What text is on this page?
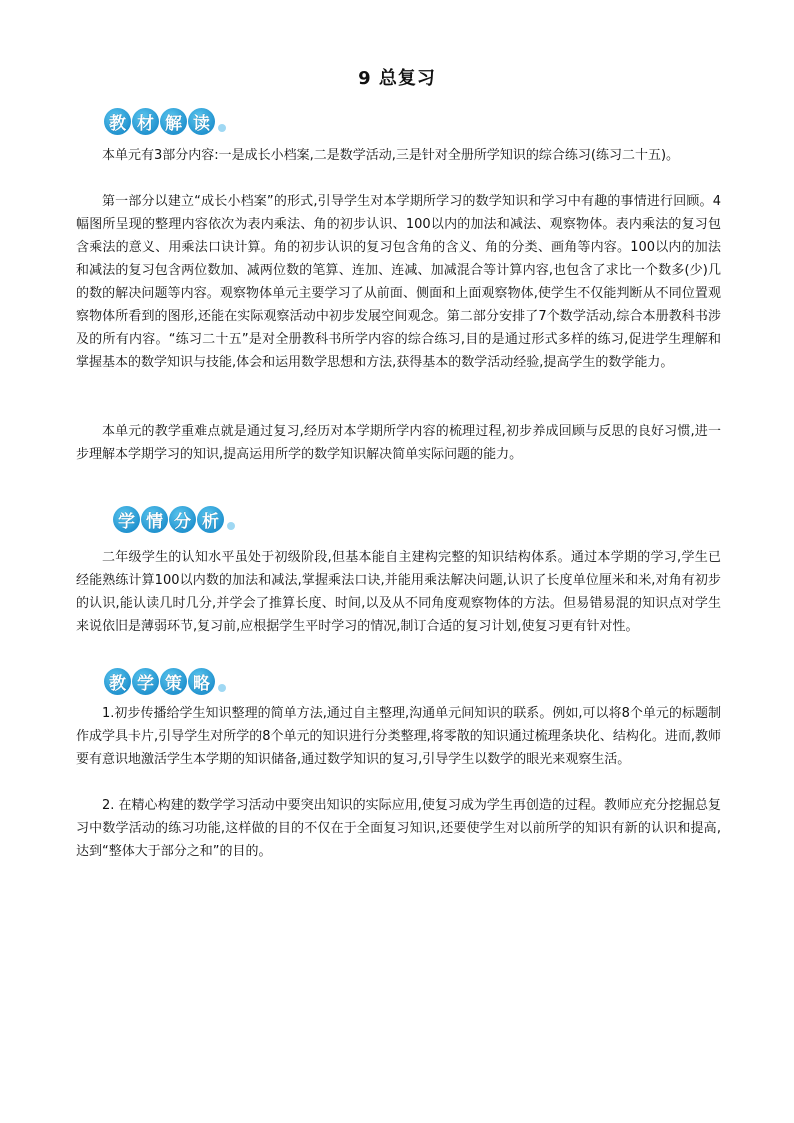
9 总复习
教 材 解 读

本单元有3部分内容:一是成长小档案,二是数学活动,三是针对全册所学知识的综合练习(练习二十五)。

第一部分以建立“成长小档案”的形式,引导学生对本学期所学习的数学知识和学习中有趣的事情进行回顾。4幅图所呈现的整理内容依次为表内乘法、角的初步认识、100以内的加法和减法、观察物体。表内乘法的复习包含乘法的意义、用乘法口诀计算。角的初步认识的复习包含角的含义、角的分类、画角等内容。100以内的加法和减法的复习包含两位数加、减两位数的笔算、连加、连减、加减混合等计算内容,也包含了求比一个数多(少)几的数的解决问题等内容。观察物体单元主要学习了从前面、侧面和上面观察物体,使学生不仅能判断从不同位置观察物体所看到的图形,还能在实际观察活动中初步发展空间观念。第二部分安排了7个数学活动,综合本册教科书涉及的所有内容。“练习二十五”是对全册教科书所学内容的综合练习,目的是通过形式多样的练习,促进学生理解和掌握基本的数学知识与技能,体会和运用数学思想和方法,获得基本的数学活动经验,提高学生的数学能力。

本单元的教学重难点就是通过复习,经历对本学期所学内容的梳理过程,初步养成回顾与反思的良好习惯,进一步理解本学期学习的知识,提高运用所学的数学知识解决简单实际问题的能力。

学 情 分 析

二年级学生的认知水平虽处于初级阶段,但基本能自主建构完整的知识结构体系。通过本学期的学习,学生已经能熟练计算100以内数的加法和减法,掌握乘法口诀,并能用乘法解决问题,认识了长度单位厘米和米,对角有初步的认识,能认读几时几分,并学会了推算长度、时间,以及从不同角度观察物体的方法。但易错易混的知识点对学生来说依旧是薄弱环节,复习前,应根据学生平时学习的情况,制订合适的复习计划,使复习更有针对性。

教 学 策 略

1.初步传播给学生知识整理的简单方法,通过自主整理,沟通单元间知识的联系。例如,可以将8个单元的标题制作成学具卡片,引导学生对所学的8个单元的知识进行分类整理,将零散的知识通过梳理条块化、结构化。进而,教师要有意识地激活学生本学期的知识储备,通过数学知识的复习,引导学生以数学的眼光来观察生活。

2. 在精心构建的数学学习活动中要突出知识的实际应用,使复习成为学生再创造的过程。教师应充分挖掘总复习中数学活动的练习功能,这样做的目的不仅在于全面复习知识,还要使学生对以前所学的知识有新的认识和提高,达到“整体大于部分之和”的目的。
